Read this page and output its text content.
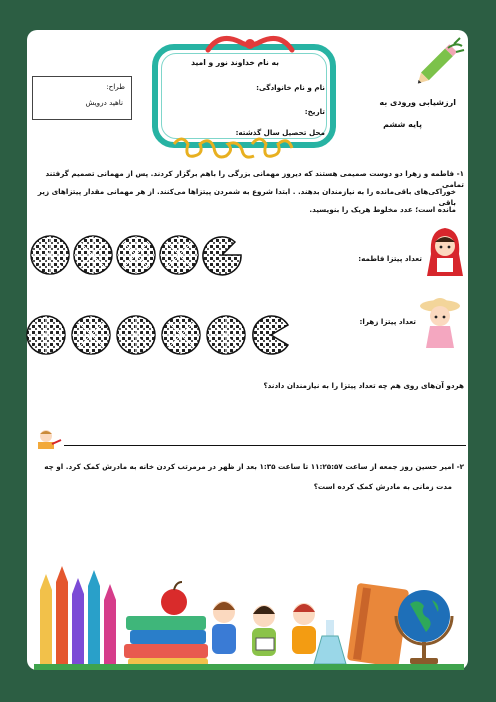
طراح:
ناهید درویش
به نام خداوند نور و امید
نام و نام خانوادگی:
تاریخ:
محل تحصیل سال گذشته:
ارزشیابی ورودی به
پایه ششم
۱- فاطمه و زهرا دو دوست صمیمی هستند که دیروز مهمانی بزرگی را باهم برگزار کردند. پس از مهمانی تصمیم گرفتند تمامی
خوراکی‌های باقی‌مانده را به نیازمندان بدهند. . ابتدا شروع به شمردن پیتزاها می‌کنند. از هر مهمانی مقدار پیتزاهای زیر باقی
مانده است؛ عدد مخلوط هریک را بنویسید.
تعداد پیتزا فاطمه:
تعداد پیتزا زهرا:
هردو آن‌های روی هم چه تعداد پیتزا را به نیازمندان دادند؟
۲- امیر حسین روز جمعه از ساعت ۱۱:۲۵:۵۷ تا ساعت ۱:۳۵ بعد از ظهر در مرمرتب کردن خانه به مادرش کمک کرد. او چه
مدت زمانی به مادرش کمک کرده است؟
